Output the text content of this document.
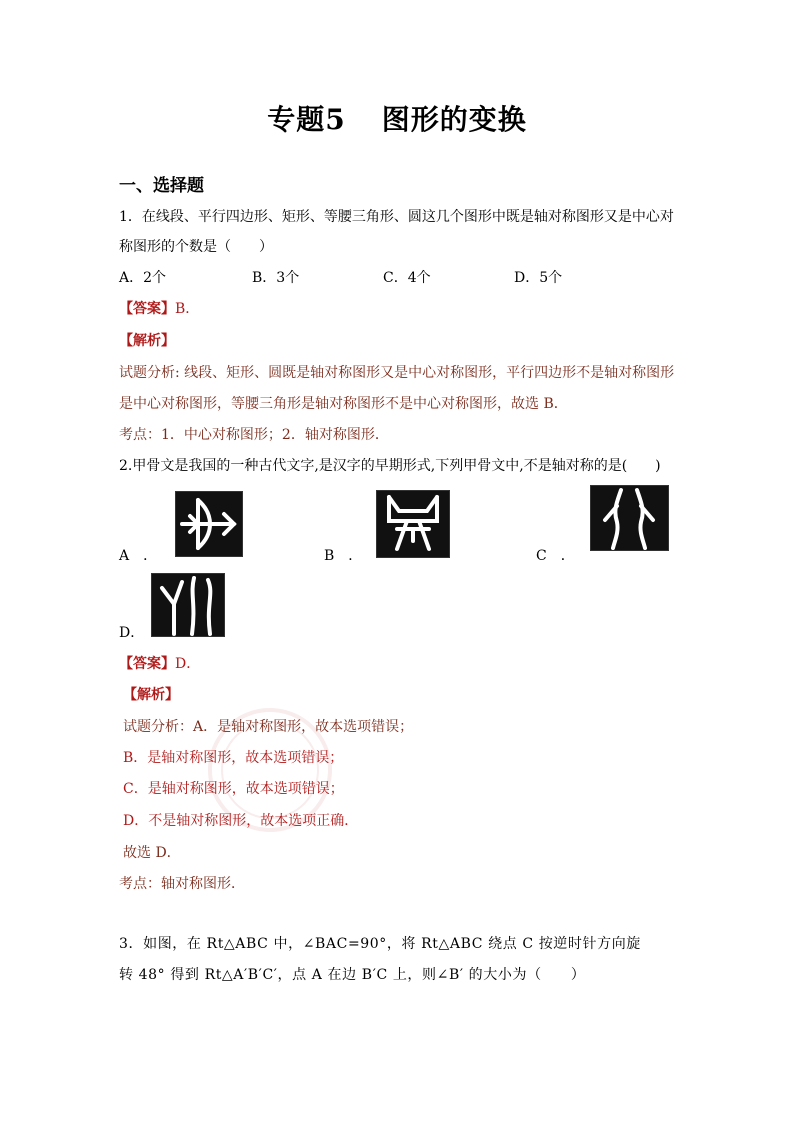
专题5 图形的变换
一、选择题
1．在线段、平行四边形、矩形、等腰三角形、圆这几个图形中既是轴对称图形又是中心对
称图形的个数是（　　）
A．2个	B．3个	C．4个	D．5个
【答案】B．
【解析】
试题分析: 线段、矩形、圆既是轴对称图形又是中心对称图形，平行四边形不是轴对称图形
是中心对称图形，等腰三角形是轴对称图形不是中心对称图形，故选 B．
考点：1．中心对称图形；2．轴对称图形．
2.甲骨文是我国的一种古代文字,是汉字的早期形式,下列甲骨文中,不是轴对称的是(　　)
A　．	B　．	C　．
D．
【答案】D．
【解析】
试题分析：A．是轴对称图形，故本选项错误；
B．是轴对称图形，故本选项错误；
C．是轴对称图形，故本选项错误；
D．不是轴对称图形，故本选项正确．
故选 D．
考点：轴对称图形．
3．如图，在 Rt△ABC 中，∠BAC=90°，将 Rt△ABC 绕点 C 按逆时针方向旋
转 48° 得到 Rt△A′B′C′，点 A 在边 B′C 上，则∠B′ 的大小为（　　）
